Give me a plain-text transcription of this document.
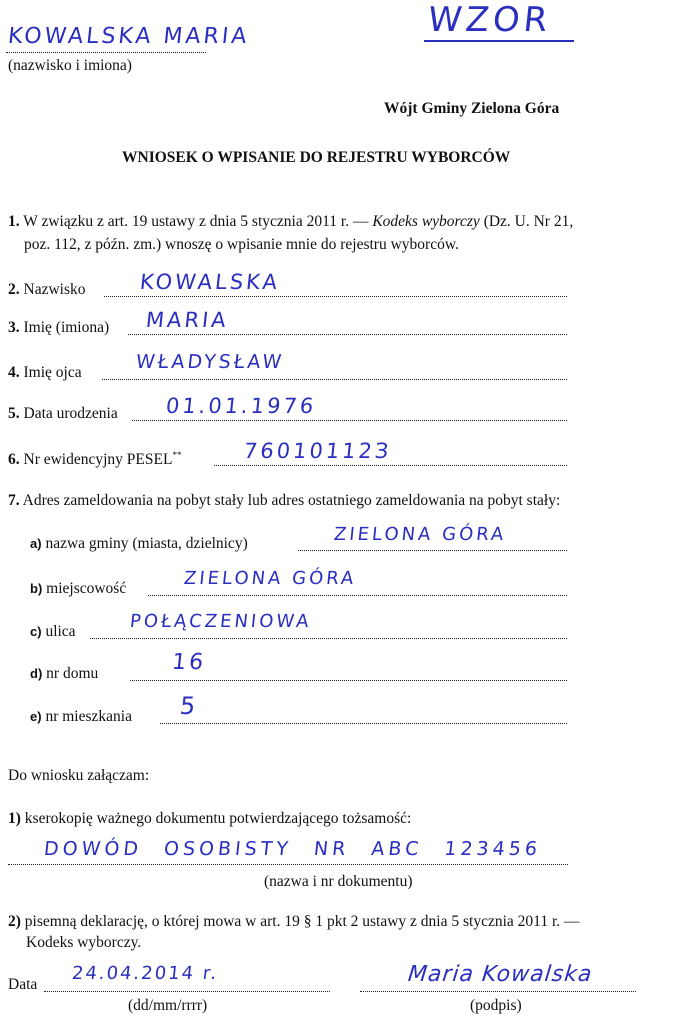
WZOR
KOWALSKA MARIA
(nazwisko i imiona)
Wójt Gminy Zielona Góra
WNIOSEK O WPISANIE DO REJESTRU WYBORCÓW
1. W związku z art. 19 ustawy z dnia 5 stycznia 2011 r. — Kodeks wyborczy (Dz. U. Nr 21,
poz. 112, z późn. zm.) wnoszę o wpisanie mnie do rejestru wyborców.
2. Nazwisko	KOWALSKA
3. Imię (imiona) MARIA
4. Imię ojca	WŁADYSŁAW
5. Data urodzenia 01.01.1976
6. Nr ewidencyjny PESEL**	76010112З
7. Adres zameldowania na pobyt stały lub adres ostatniego zameldowania na pobyt stały:
a) nazwa gminy (miasta, dzielnicy)	ZIELONA GÓRA
b) miejscowość	ZIELONA GÓRA
c) ulica	POŁĄCZENIOWA
d) nr domu	16
e) nr mieszkania 5
Do wniosku załączam:
1) kserokopię ważnego dokumentu potwierdzającego tożsamość:
DOWÓD OSOBISTY NR ABC 123456
(nazwa i nr dokumentu)
2) pisemną deklarację, o której mowa w art. 19 § 1 pkt 2 ustawy z dnia 5 stycznia 2011 r. —
Kodeks wyborczy.
Data
24.04.2014 r.
(dd/mm/rrrr)
Maria Kowalska
(podpis)
